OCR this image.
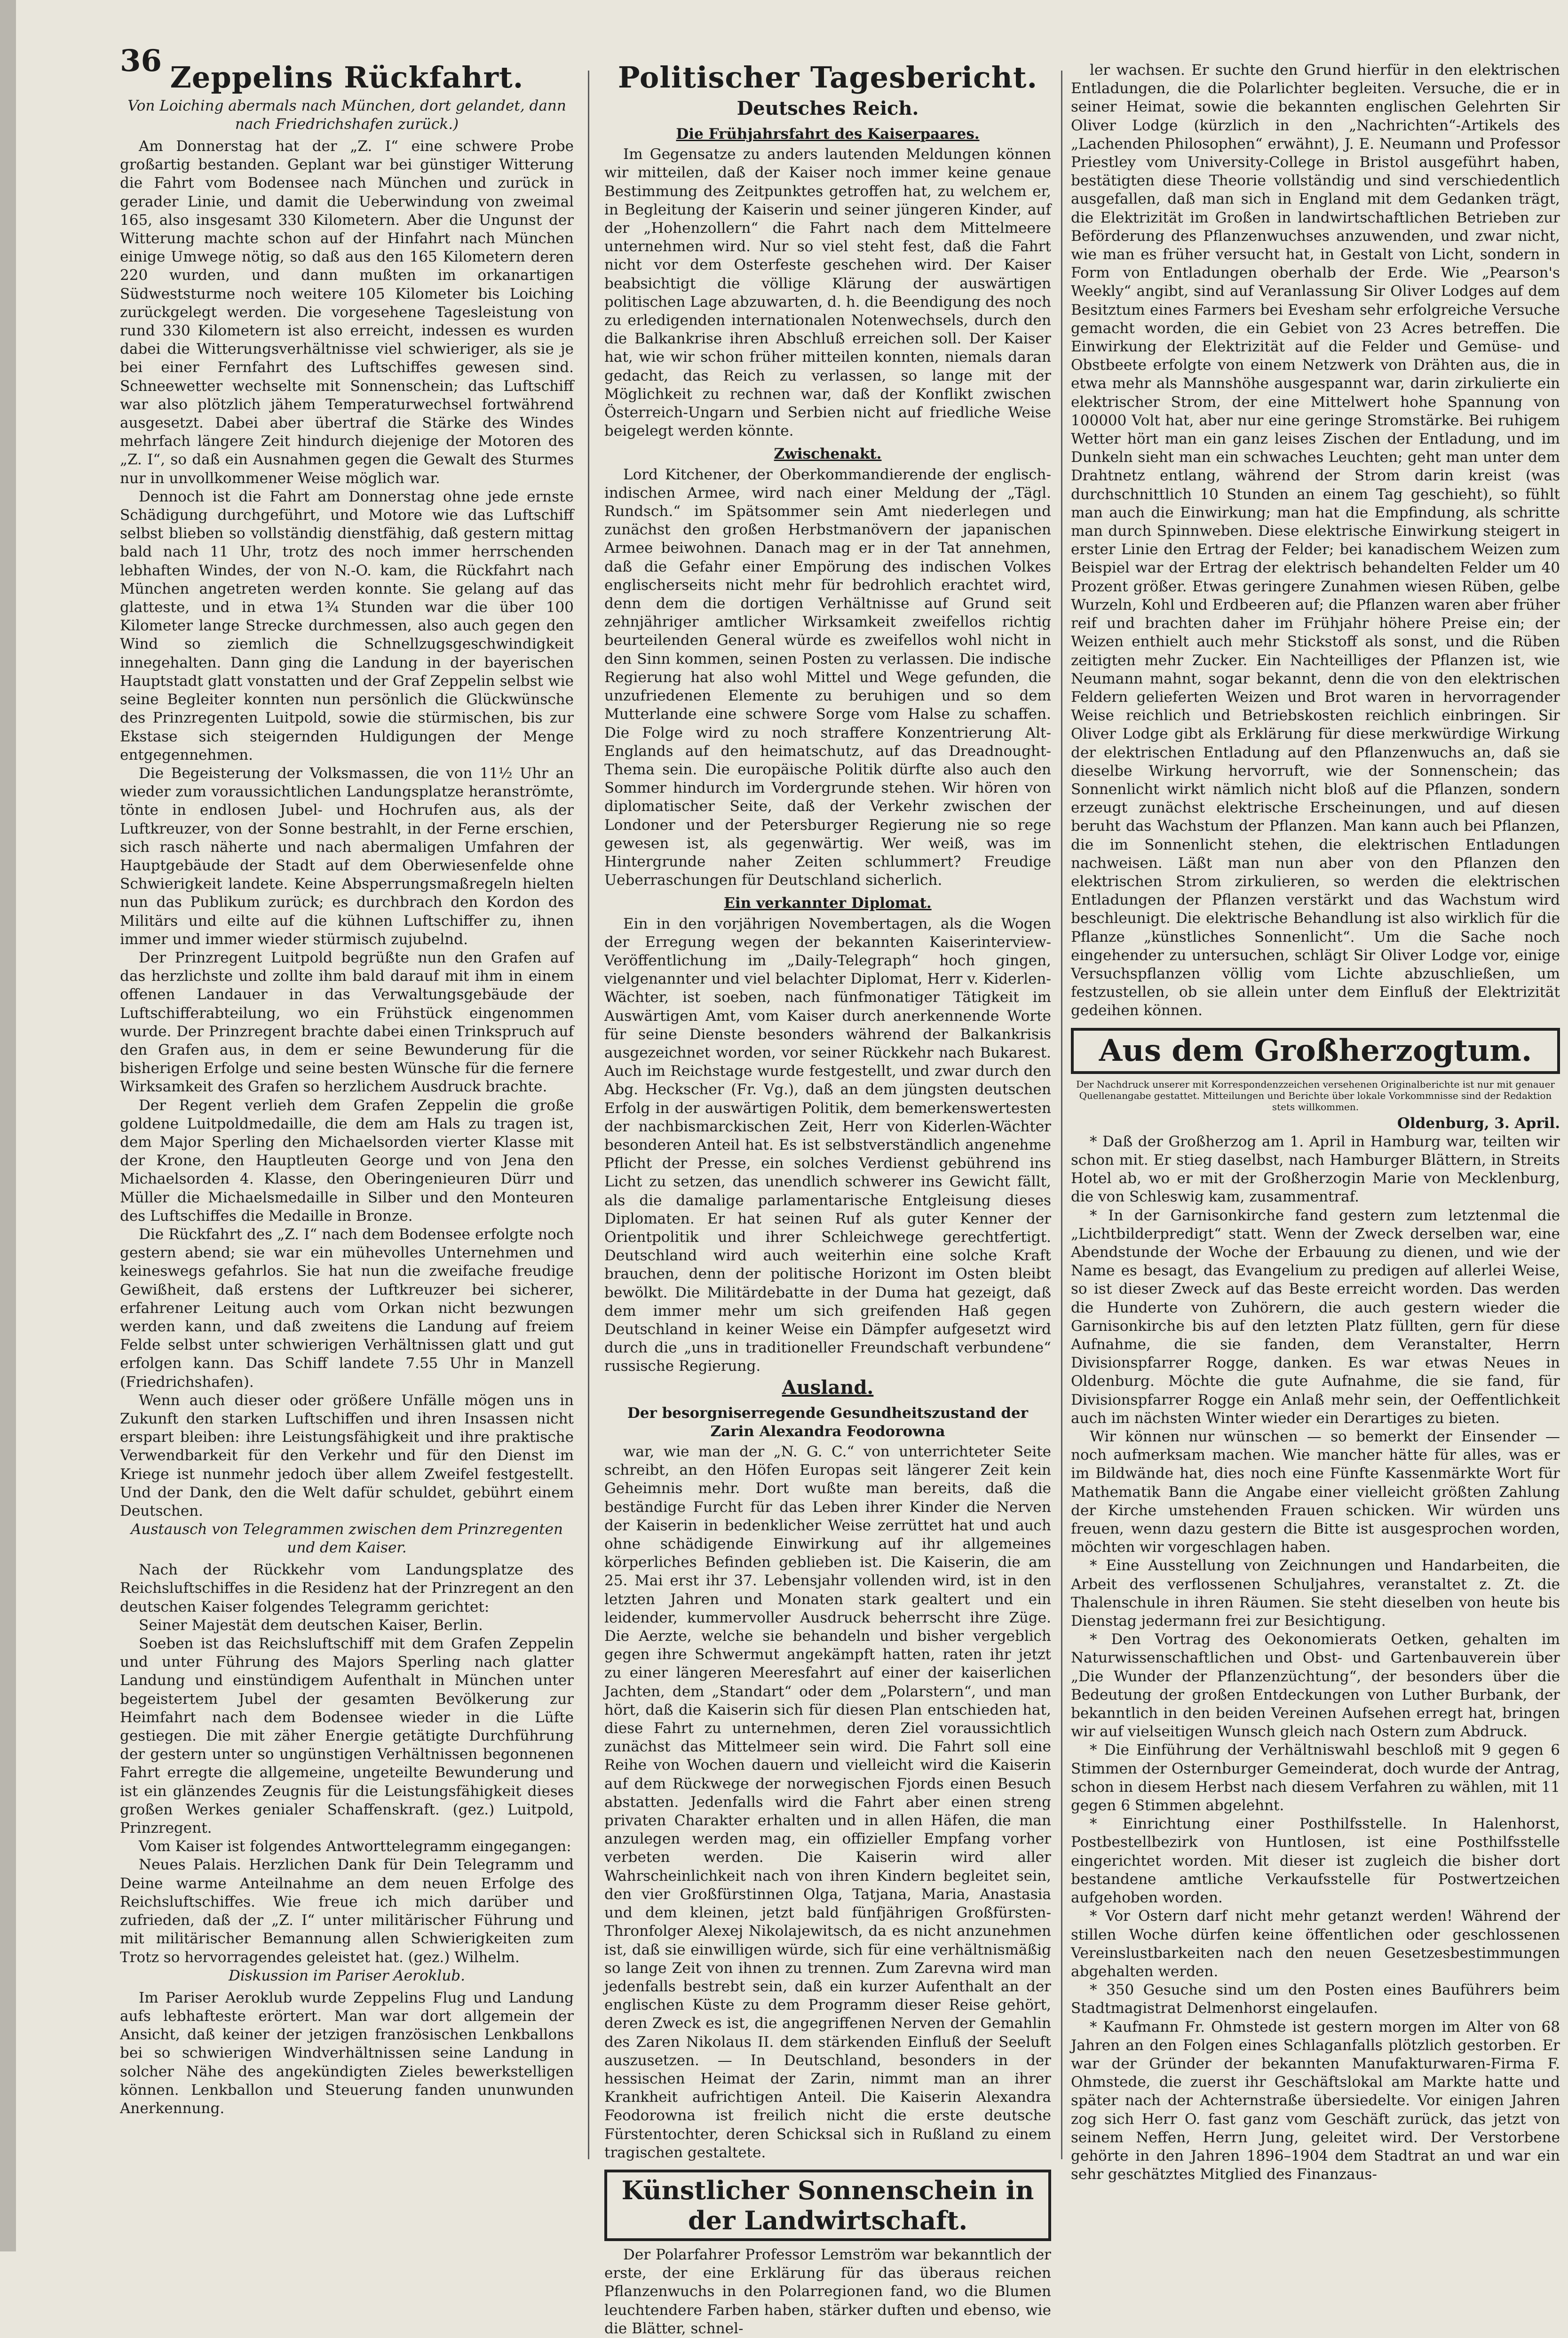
36 Zeppelins Rückfahrt.
Von Loiching abermals nach München, dort gelandet, dann nach Friedrichshafen zurück.)

Am Donnerstag hat der „Z. I“ eine schwere Probe großartig bestanden. Geplant war bei günstiger Witterung die Fahrt vom Bodensee nach München und zurück in gerader Linie, und damit die Ueberwindung von zweimal 165, also insgesamt 330 Kilometern. Aber die Ungunst der Witterung machte schon auf der Hinfahrt nach München einige Umwege nötig, so daß aus den 165 Kilometern deren 220 wurden, und dann mußten im orkanartigen Südweststurme noch weitere 105 Kilometer bis Loiching zurückgelegt werden. Die vorgesehene Tagesleistung von rund 330 Kilometern ist also erreicht, indessen es wurden dabei die Witterungsverhältnisse viel schwieriger, als sie je bei einer Fernfahrt des Luftschiffes gewesen sind. Schneewetter wechselte mit Sonnenschein; das Luftschiff war also plötzlich jähem Temperaturwechsel fortwährend ausgesetzt. Dabei aber übertraf die Stärke des Windes mehrfach längere Zeit hindurch diejenige der Motoren des „Z. I“, so daß ein Ausnahmen gegen die Gewalt des Sturmes nur in unvollkommener Weise möglich war.

Dennoch ist die Fahrt am Donnerstag ohne jede ernste Schädigung durchgeführt, und Motore wie das Luftschiff selbst blieben so vollständig dienstfähig, daß gestern mittag bald nach 11 Uhr, trotz des noch immer herrschenden lebhaften Windes, der von N.-O. kam, die Rückfahrt nach München angetreten werden konnte. Sie gelang auf das glatteste, und in etwa 1¾ Stunden war die über 100 Kilometer lange Strecke durchmessen, also auch gegen den Wind so ziemlich die Schnellzugsgeschwindigkeit innegehalten. Dann ging die Landung in der bayerischen Hauptstadt glatt vonstatten und der Graf Zeppelin selbst wie seine Begleiter konnten nun persönlich die Glückwünsche des Prinzregenten Luitpold, sowie die stürmischen, bis zur Ekstase sich steigernden Huldigungen der Menge entgegennehmen.

Die Begeisterung der Volksmassen, die von 11½ Uhr an wieder zum voraussichtlichen Landungsplatze heranströmte, tönte in endlosen Jubel- und Hochrufen aus, als der Luftkreuzer, von der Sonne bestrahlt, in der Ferne erschien, sich rasch näherte und nach abermaligen Umfahren der Hauptgebäude der Stadt auf dem Oberwiesenfelde ohne Schwierigkeit landete. Keine Absperrungsmaßregeln hielten nun das Publikum zurück; es durchbrach den Kordon des Militärs und eilte auf die kühnen Luftschiffer zu, ihnen immer und immer wieder stürmisch zujubelnd.

Der Prinzregent Luitpold begrüßte nun den Grafen auf das herzlichste und zollte ihm bald darauf mit ihm in einem offenen Landauer in das Verwaltungsgebäude der Luftschifferabteilung, wo ein Frühstück eingenommen wurde. Der Prinzregent brachte dabei einen Trinkspruch auf den Grafen aus, in dem er seine Bewunderung für die bisherigen Erfolge und seine besten Wünsche für die fernere Wirksamkeit des Grafen so herzlichem Ausdruck brachte.

Der Regent verlieh dem Grafen Zeppelin die große goldene Luitpoldmedaille, die dem am Hals zu tragen ist, dem Major Sperling den Michaelsorden vierter Klasse mit der Krone, den Hauptleuten George und von Jena den Michaelsorden 4. Klasse, den Oberingenieuren Dürr und Müller die Michaelsmedaille in Silber und den Monteuren des Luftschiffes die Medaille in Bronze.

Die Rückfahrt des „Z. I“ nach dem Bodensee erfolgte noch gestern abend; sie war ein mühevolles Unternehmen und keineswegs gefahrlos. Sie hat nun die zweifache freudige Gewißheit, daß erstens der Luftkreuzer bei sicherer, erfahrener Leitung auch vom Orkan nicht bezwungen werden kann, und daß zweitens die Landung auf freiem Felde selbst unter schwierigen Verhältnissen glatt und gut erfolgen kann. Das Schiff landete 7.55 Uhr in Manzell (Friedrichshafen).

Wenn auch dieser oder größere Unfälle mögen uns in Zukunft den starken Luftschiffen und ihren Insassen nicht erspart bleiben: ihre Leistungsfähigkeit und ihre praktische Verwendbarkeit für den Verkehr und für den Dienst im Kriege ist nunmehr jedoch über allem Zweifel festgestellt. Und der Dank, den die Welt dafür schuldet, gebührt einem Deutschen.

Austausch von Telegrammen zwischen dem Prinzregenten und dem Kaiser.

Nach der Rückkehr vom Landungsplatze des Reichsluftschiffes in die Residenz hat der Prinzregent an den deutschen Kaiser folgendes Telegramm gerichtet:

Seiner Majestät dem deutschen Kaiser, Berlin.

Soeben ist das Reichsluftschiff mit dem Grafen Zeppelin und unter Führung des Majors Sperling nach glatter Landung und einstündigem Aufenthalt in München unter begeistertem Jubel der gesamten Bevölkerung zur Heimfahrt nach dem Bodensee wieder in die Lüfte gestiegen. Die mit zäher Energie getätigte Durchführung der gestern unter so ungünstigen Verhältnissen begonnenen Fahrt erregte die allgemeine, ungeteilte Bewunderung und ist ein glänzendes Zeugnis für die Leistungsfähigkeit dieses großen Werkes genialer Schaffenskraft. (gez.) Luitpold, Prinzregent.

Vom Kaiser ist folgendes Antworttelegramm eingegangen:

Neues Palais. Herzlichen Dank für Dein Telegramm und Deine warme Anteilnahme an dem neuen Erfolge des Reichsluftschiffes. Wie freue ich mich darüber und zufrieden, daß der „Z. I“ unter militärischer Führung und mit militärischer Bemannung allen Schwierigkeiten zum Trotz so hervorragendes geleistet hat. (gez.) Wilhelm.

Diskussion im Pariser Aeroklub.

Im Pariser Aeroklub wurde Zeppelins Flug und Landung aufs lebhafteste erörtert. Man war dort allgemein der Ansicht, daß keiner der jetzigen französischen Lenkballons bei so schwierigen Windverhältnissen seine Landung in solcher Nähe des angekündigten Zieles bewerkstelligen können. Lenkballon und Steuerung fanden ununwunden Anerkennung.

Politischer Tagesbericht.
Deutsches Reich.
Die Frühjahrsfahrt des Kaiserpaares.

Im Gegensatze zu anders lautenden Meldungen können wir mitteilen, daß der Kaiser noch immer keine genaue Bestimmung des Zeitpunktes getroffen hat, zu welchem er, in Begleitung der Kaiserin und seiner jüngeren Kinder, auf der „Hohenzollern“ die Fahrt nach dem Mittelmeere unternehmen wird. Nur so viel steht fest, daß die Fahrt nicht vor dem Osterfeste geschehen wird. Der Kaiser beabsichtigt die völlige Klärung der auswärtigen politischen Lage abzuwarten, d. h. die Beendigung des noch zu erledigenden internationalen Notenwechsels, durch den die Balkankrise ihren Abschluß erreichen soll. Der Kaiser hat, wie wir schon früher mitteilen konnten, niemals daran gedacht, das Reich zu verlassen, so lange mit der Möglichkeit zu rechnen war, daß der Konflikt zwischen Österreich-Ungarn und Serbien nicht auf friedliche Weise beigelegt werden könnte.

Zwischenakt.

Lord Kitchener, der Oberkommandierende der englisch-indischen Armee, wird nach einer Meldung der „Tägl. Rundsch.“ im Spätsommer sein Amt niederlegen und zunächst den großen Herbstmanövern der japanischen Armee beiwohnen. Danach mag er in der Tat annehmen, daß die Gefahr einer Empörung des indischen Volkes englischerseits nicht mehr für bedrohlich erachtet wird, denn dem die dortigen Verhältnisse auf Grund seit zehnjähriger amtlicher Wirksamkeit zweifellos richtig beurteilenden General würde es zweifellos wohl nicht in den Sinn kommen, seinen Posten zu verlassen. Die indische Regierung hat also wohl Mittel und Wege gefunden, die unzufriedenen Elemente zu beruhigen und so dem Mutterlande eine schwere Sorge vom Halse zu schaffen. Die Folge wird zu noch straffere Konzentrierung Alt-Englands auf den heimatschutz, auf das Dreadnought-Thema sein. Die europäische Politik dürfte also auch den Sommer hindurch im Vordergrunde stehen. Wir hören von diplomatischer Seite, daß der Verkehr zwischen der Londoner und der Petersburger Regierung nie so rege gewesen ist, als gegenwärtig. Wer weiß, was im Hintergrunde naher Zeiten schlummert? Freudige Ueberraschungen für Deutschland sicherlich.

Ein verkannter Diplomat.

Ein in den vorjährigen Novembertagen, als die Wogen der Erregung wegen der bekannten Kaiserinterview-Veröffentlichung im „Daily-Telegraph“ hoch gingen, vielgenannter und viel belachter Diplomat, Herr v. Kiderlen-Wächter, ist soeben, nach fünfmonatiger Tätigkeit im Auswärtigen Amt, vom Kaiser durch anerkennende Worte für seine Dienste besonders während der Balkankrisis ausgezeichnet worden, vor seiner Rückkehr nach Bukarest. Auch im Reichstage wurde festgestellt, und zwar durch den Abg. Heckscher (Fr. Vg.), daß an dem jüngsten deutschen Erfolg in der auswärtigen Politik, dem bemerkenswertesten der nachbismarckischen Zeit, Herr von Kiderlen-Wächter besonderen Anteil hat. Es ist selbstverständlich angenehme Pflicht der Presse, ein solches Verdienst gebührend ins Licht zu setzen, das unendlich schwerer ins Gewicht fällt, als die damalige parlamentarische Entgleisung dieses Diplomaten. Er hat seinen Ruf als guter Kenner der Orientpolitik und ihrer Schleichwege gerechtfertigt. Deutschland wird auch weiterhin eine solche Kraft brauchen, denn der politische Horizont im Osten bleibt bewölkt. Die Militärdebatte in der Duma hat gezeigt, daß dem immer mehr um sich greifenden Haß gegen Deutschland in keiner Weise ein Dämpfer aufgesetzt wird durch die „uns in traditioneller Freundschaft verbundene“ russische Regierung.

Ausland.
Der besorgniserregende Gesundheitszustand der Zarin Alexandra Feodorowna

war, wie man der „N. G. C.“ von unterrichteter Seite schreibt, an den Höfen Europas seit längerer Zeit kein Geheimnis mehr. Dort wußte man bereits, daß die beständige Furcht für das Leben ihrer Kinder die Nerven der Kaiserin in bedenklicher Weise zerrüttet hat und auch ohne schädigende Einwirkung auf ihr allgemeines körperliches Befinden geblieben ist. Die Kaiserin, die am 25. Mai erst ihr 37. Lebensjahr vollenden wird, ist in den letzten Jahren und Monaten stark gealtert und ein leidender, kummervoller Ausdruck beherrscht ihre Züge. Die Aerzte, welche sie behandeln und bisher vergeblich gegen ihre Schwermut angekämpft hatten, raten ihr jetzt zu einer längeren Meeresfahrt auf einer der kaiserlichen Jachten, dem „Standart“ oder dem „Polarstern“, und man hört, daß die Kaiserin sich für diesen Plan entschieden hat, diese Fahrt zu unternehmen, deren Ziel voraussichtlich zunächst das Mittelmeer sein wird. Die Fahrt soll eine Reihe von Wochen dauern und vielleicht wird die Kaiserin auf dem Rückwege der norwegischen Fjords einen Besuch abstatten. Jedenfalls wird die Fahrt aber einen streng privaten Charakter erhalten und in allen Häfen, die man anzulegen werden mag, ein offizieller Empfang vorher verbeten werden. Die Kaiserin wird aller Wahrscheinlichkeit nach von ihren Kindern begleitet sein, den vier Großfürstinnen Olga, Tatjana, Maria, Anastasia und dem kleinen, jetzt bald fünfjährigen Großfürsten-Thronfolger Alexej Nikolajewitsch, da es nicht anzunehmen ist, daß sie einwilligen würde, sich für eine verhältnismäßig so lange Zeit von ihnen zu trennen. Zum Zarevna wird man jedenfalls bestrebt sein, daß ein kurzer Aufenthalt an der englischen Küste zu dem Programm dieser Reise gehört, deren Zweck es ist, die angegriffenen Nerven der Gemahlin des Zaren Nikolaus II. dem stärkenden Einfluß der Seeluft auszusetzen. — In Deutschland, besonders in der hessischen Heimat der Zarin, nimmt man an ihrer Krankheit aufrichtigen Anteil. Die Kaiserin Alexandra Feodorowna ist freilich nicht die erste deutsche Fürstentochter, deren Schicksal sich in Rußland zu einem tragischen gestaltete.

Künstlicher Sonnenschein in der Landwirtschaft.

Der Polarfahrer Professor Lemström war bekanntlich der erste, der eine Erklärung für das überaus reichen Pflanzenwuchs in den Polarregionen fand, wo die Blumen leuchtendere Farben haben, stärker duften und ebenso, wie die Blätter, schnel-

ler wachsen. Er suchte den Grund hierfür in den elektrischen Entladungen, die die Polarlichter begleiten. Versuche, die er in seiner Heimat, sowie die bekannten englischen Gelehrten Sir Oliver Lodge (kürzlich in den „Nachrichten“-Artikels des „Lachenden Philosophen“ erwähnt), J. E. Neumann und Professor Priestley vom University-College in Bristol ausgeführt haben, bestätigten diese Theorie vollständig und sind verschiedentlich ausgefallen, daß man sich in England mit dem Gedanken trägt, die Elektrizität im Großen in landwirtschaftlichen Betrieben zur Beförderung des Pflanzenwuchses anzuwenden, und zwar nicht, wie man es früher versucht hat, in Gestalt von Licht, sondern in Form von Entladungen oberhalb der Erde. Wie „Pearson's Weekly“ angibt, sind auf Veranlassung Sir Oliver Lodges auf dem Besitztum eines Farmers bei Evesham sehr erfolgreiche Versuche gemacht worden, die ein Gebiet von 23 Acres betreffen. Die Einwirkung der Elektrizität auf die Felder und Gemüse- und Obstbeete erfolgte von einem Netzwerk von Drähten aus, die in etwa mehr als Mannshöhe ausgespannt war, darin zirkulierte ein elektrischer Strom, der eine Mittelwert hohe Spannung von 100000 Volt hat, aber nur eine geringe Stromstärke. Bei ruhigem Wetter hört man ein ganz leises Zischen der Entladung, und im Dunkeln sieht man ein schwaches Leuchten; geht man unter dem Drahtnetz entlang, während der Strom darin kreist (was durchschnittlich 10 Stunden an einem Tag geschieht), so fühlt man auch die Einwirkung; man hat die Empfindung, als schritte man durch Spinnweben. Diese elektrische Einwirkung steigert in erster Linie den Ertrag der Felder; bei kanadischem Weizen zum Beispiel war der Ertrag der elektrisch behandelten Felder um 40 Prozent größer. Etwas geringere Zunahmen wiesen Rüben, gelbe Wurzeln, Kohl und Erdbeeren auf; die Pflanzen waren aber früher reif und brachten daher im Frühjahr höhere Preise ein; der Weizen enthielt auch mehr Stickstoff als sonst, und die Rüben zeitigten mehr Zucker. Ein Nachteilliges der Pflanzen ist, wie Neumann mahnt, sogar bekannt, denn die von den elektrischen Feldern gelieferten Weizen und Brot waren in hervorragender Weise reichlich und Betriebskosten reichlich einbringen. Sir Oliver Lodge gibt als Erklärung für diese merkwürdige Wirkung der elektrischen Entladung auf den Pflanzenwuchs an, daß sie dieselbe Wirkung hervorruft, wie der Sonnenschein; das Sonnenlicht wirkt nämlich nicht bloß auf die Pflanzen, sondern erzeugt zunächst elektrische Erscheinungen, und auf diesen beruht das Wachstum der Pflanzen. Man kann auch bei Pflanzen, die im Sonnenlicht stehen, die elektrischen Entladungen nachweisen. Läßt man nun aber von den Pflanzen den elektrischen Strom zirkulieren, so werden die elektrischen Entladungen der Pflanzen verstärkt und das Wachstum wird beschleunigt. Die elektrische Behandlung ist also wirklich für die Pflanze „künstliches Sonnenlicht“. Um die Sache noch eingehender zu untersuchen, schlägt Sir Oliver Lodge vor, einige Versuchspflanzen völlig vom Lichte abzuschließen, um festzustellen, ob sie allein unter dem Einfluß der Elektrizität gedeihen können.

Aus dem Großherzogtum.
Der Nachdruck unserer mit Korrespondenzzeichen versehenen Originalberichte ist nur mit genauer Quellenangabe gestattet. Mitteilungen und Berichte über lokale Vorkommnisse sind der Redaktion stets willkommen.
Oldenburg, 3. April.

* Daß der Großherzog am 1. April in Hamburg war, teilten wir schon mit. Er stieg daselbst, nach Hamburger Blättern, in Streits Hotel ab, wo er mit der Großherzogin Marie von Mecklenburg, die von Schleswig kam, zusammentraf.

* In der Garnisonkirche fand gestern zum letztenmal die „Lichtbilderpredigt“ statt. Wenn der Zweck derselben war, eine Abendstunde der Woche der Erbauung zu dienen, und wie der Name es besagt, das Evangelium zu predigen auf allerlei Weise, so ist dieser Zweck auf das Beste erreicht worden. Das werden die Hunderte von Zuhörern, die auch gestern wieder die Garnisonkirche bis auf den letzten Platz füllten, gern für diese Aufnahme, die sie fanden, dem Veranstalter, Herrn Divisionspfarrer Rogge, danken. Es war etwas Neues in Oldenburg. Möchte die gute Aufnahme, die sie fand, für Divisionspfarrer Rogge ein Anlaß mehr sein, der Oeffentlichkeit auch im nächsten Winter wieder ein Derartiges zu bieten.

Wir können nur wünschen — so bemerkt der Einsender — noch aufmerksam machen. Wie mancher hätte für alles, was er im Bildwände hat, dies noch eine Fünfte Kassenmärkte Wort für Mathematik Bann die Angabe einer vielleicht größten Zahlung der Kirche umstehenden Frauen schicken. Wir würden uns freuen, wenn dazu gestern die Bitte ist ausgesprochen worden, möchten wir vorgeschlagen haben.

* Eine Ausstellung von Zeichnungen und Handarbeiten, die Arbeit des verflossenen Schuljahres, veranstaltet z. Zt. die Thalenschule in ihren Räumen. Sie steht dieselben von heute bis Dienstag jedermann frei zur Besichtigung.

* Den Vortrag des Oekonomierats Oetken, gehalten im Naturwissenschaftlichen und Obst- und Gartenbauverein über „Die Wunder der Pflanzenzüchtung“, der besonders über die Bedeutung der großen Entdeckungen von Luther Burbank, der bekanntlich in den beiden Vereinen Aufsehen erregt hat, bringen wir auf vielseitigen Wunsch gleich nach Ostern zum Abdruck.

* Die Einführung der Verhältniswahl beschloß mit 9 gegen 6 Stimmen der Osternburger Gemeinderat, doch wurde der Antrag, schon in diesem Herbst nach diesem Verfahren zu wählen, mit 11 gegen 6 Stimmen abgelehnt.

* Einrichtung einer Posthilfsstelle. In Halenhorst, Postbestellbezirk von Huntlosen, ist eine Posthilfsstelle eingerichtet worden. Mit dieser ist zugleich die bisher dort bestandene amtliche Verkaufsstelle für Postwertzeichen aufgehoben worden.

* Vor Ostern darf nicht mehr getanzt werden! Während der stillen Woche dürfen keine öffentlichen oder geschlossenen Vereinslustbarkeiten nach den neuen Gesetzesbestimmungen abgehalten werden.

* 350 Gesuche sind um den Posten eines Bauführers beim Stadtmagistrat Delmenhorst eingelaufen.

* Kaufmann Fr. Ohmstede ist gestern morgen im Alter von 68 Jahren an den Folgen eines Schlaganfalls plötzlich gestorben. Er war der Gründer der bekannten Manufakturwaren-Firma F. Ohmstede, die zuerst ihr Geschäftslokal am Markte hatte und später nach der Achternstraße übersiedelte. Vor einigen Jahren zog sich Herr O. fast ganz vom Geschäft zurück, das jetzt von seinem Neffen, Herrn Jung, geleitet wird. Der Verstorbene gehörte in den Jahren 1896–1904 dem Stadtrat an und war ein sehr geschätztes Mitglied des Finanzaus-
